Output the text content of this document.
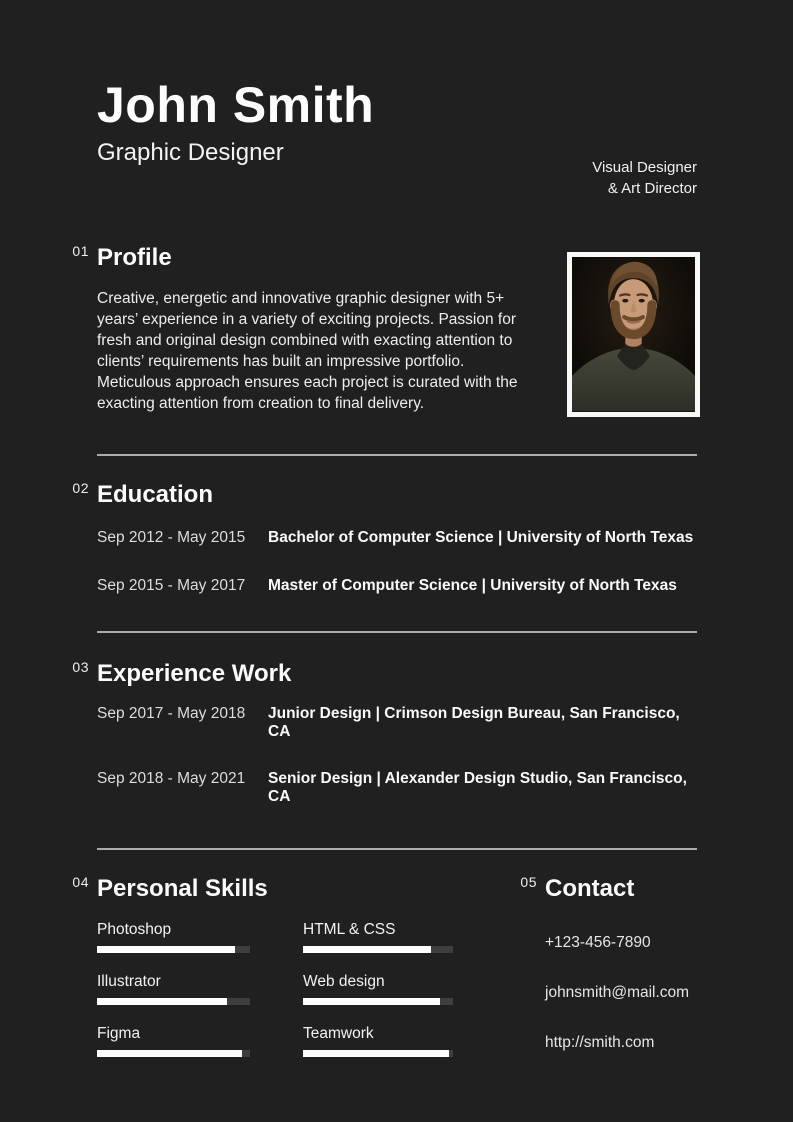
John Smith
Graphic Designer
Visual Designer
& Art Director
01 Profile
Creative, energetic and innovative graphic designer with 5+ years’ experience in a variety of exciting projects. Passion for fresh and original design combined with exacting attention to clients’ requirements has built an impressive portfolio. Meticulous approach ensures each project is curated with the exacting attention from creation to final delivery.
02 Education
Sep 2012 - May 2015	Bachelor of Computer Science | University of North Texas
Sep 2015 - May 2017	Master of Computer Science | University of North Texas
03 Experience Work
Sep 2017 - May 2018	Junior Design | Crimson Design Bureau, San Francisco, CA
Sep 2018 - May 2021	Senior Design | Alexander Design Studio, San Francisco, CA
04 Personal Skills
Photoshop	HTML & CSS
Illustrator	Web design
Figma	Teamwork
05 Contact
+123-456-7890
johnsmith@mail.com
http://smith.com
